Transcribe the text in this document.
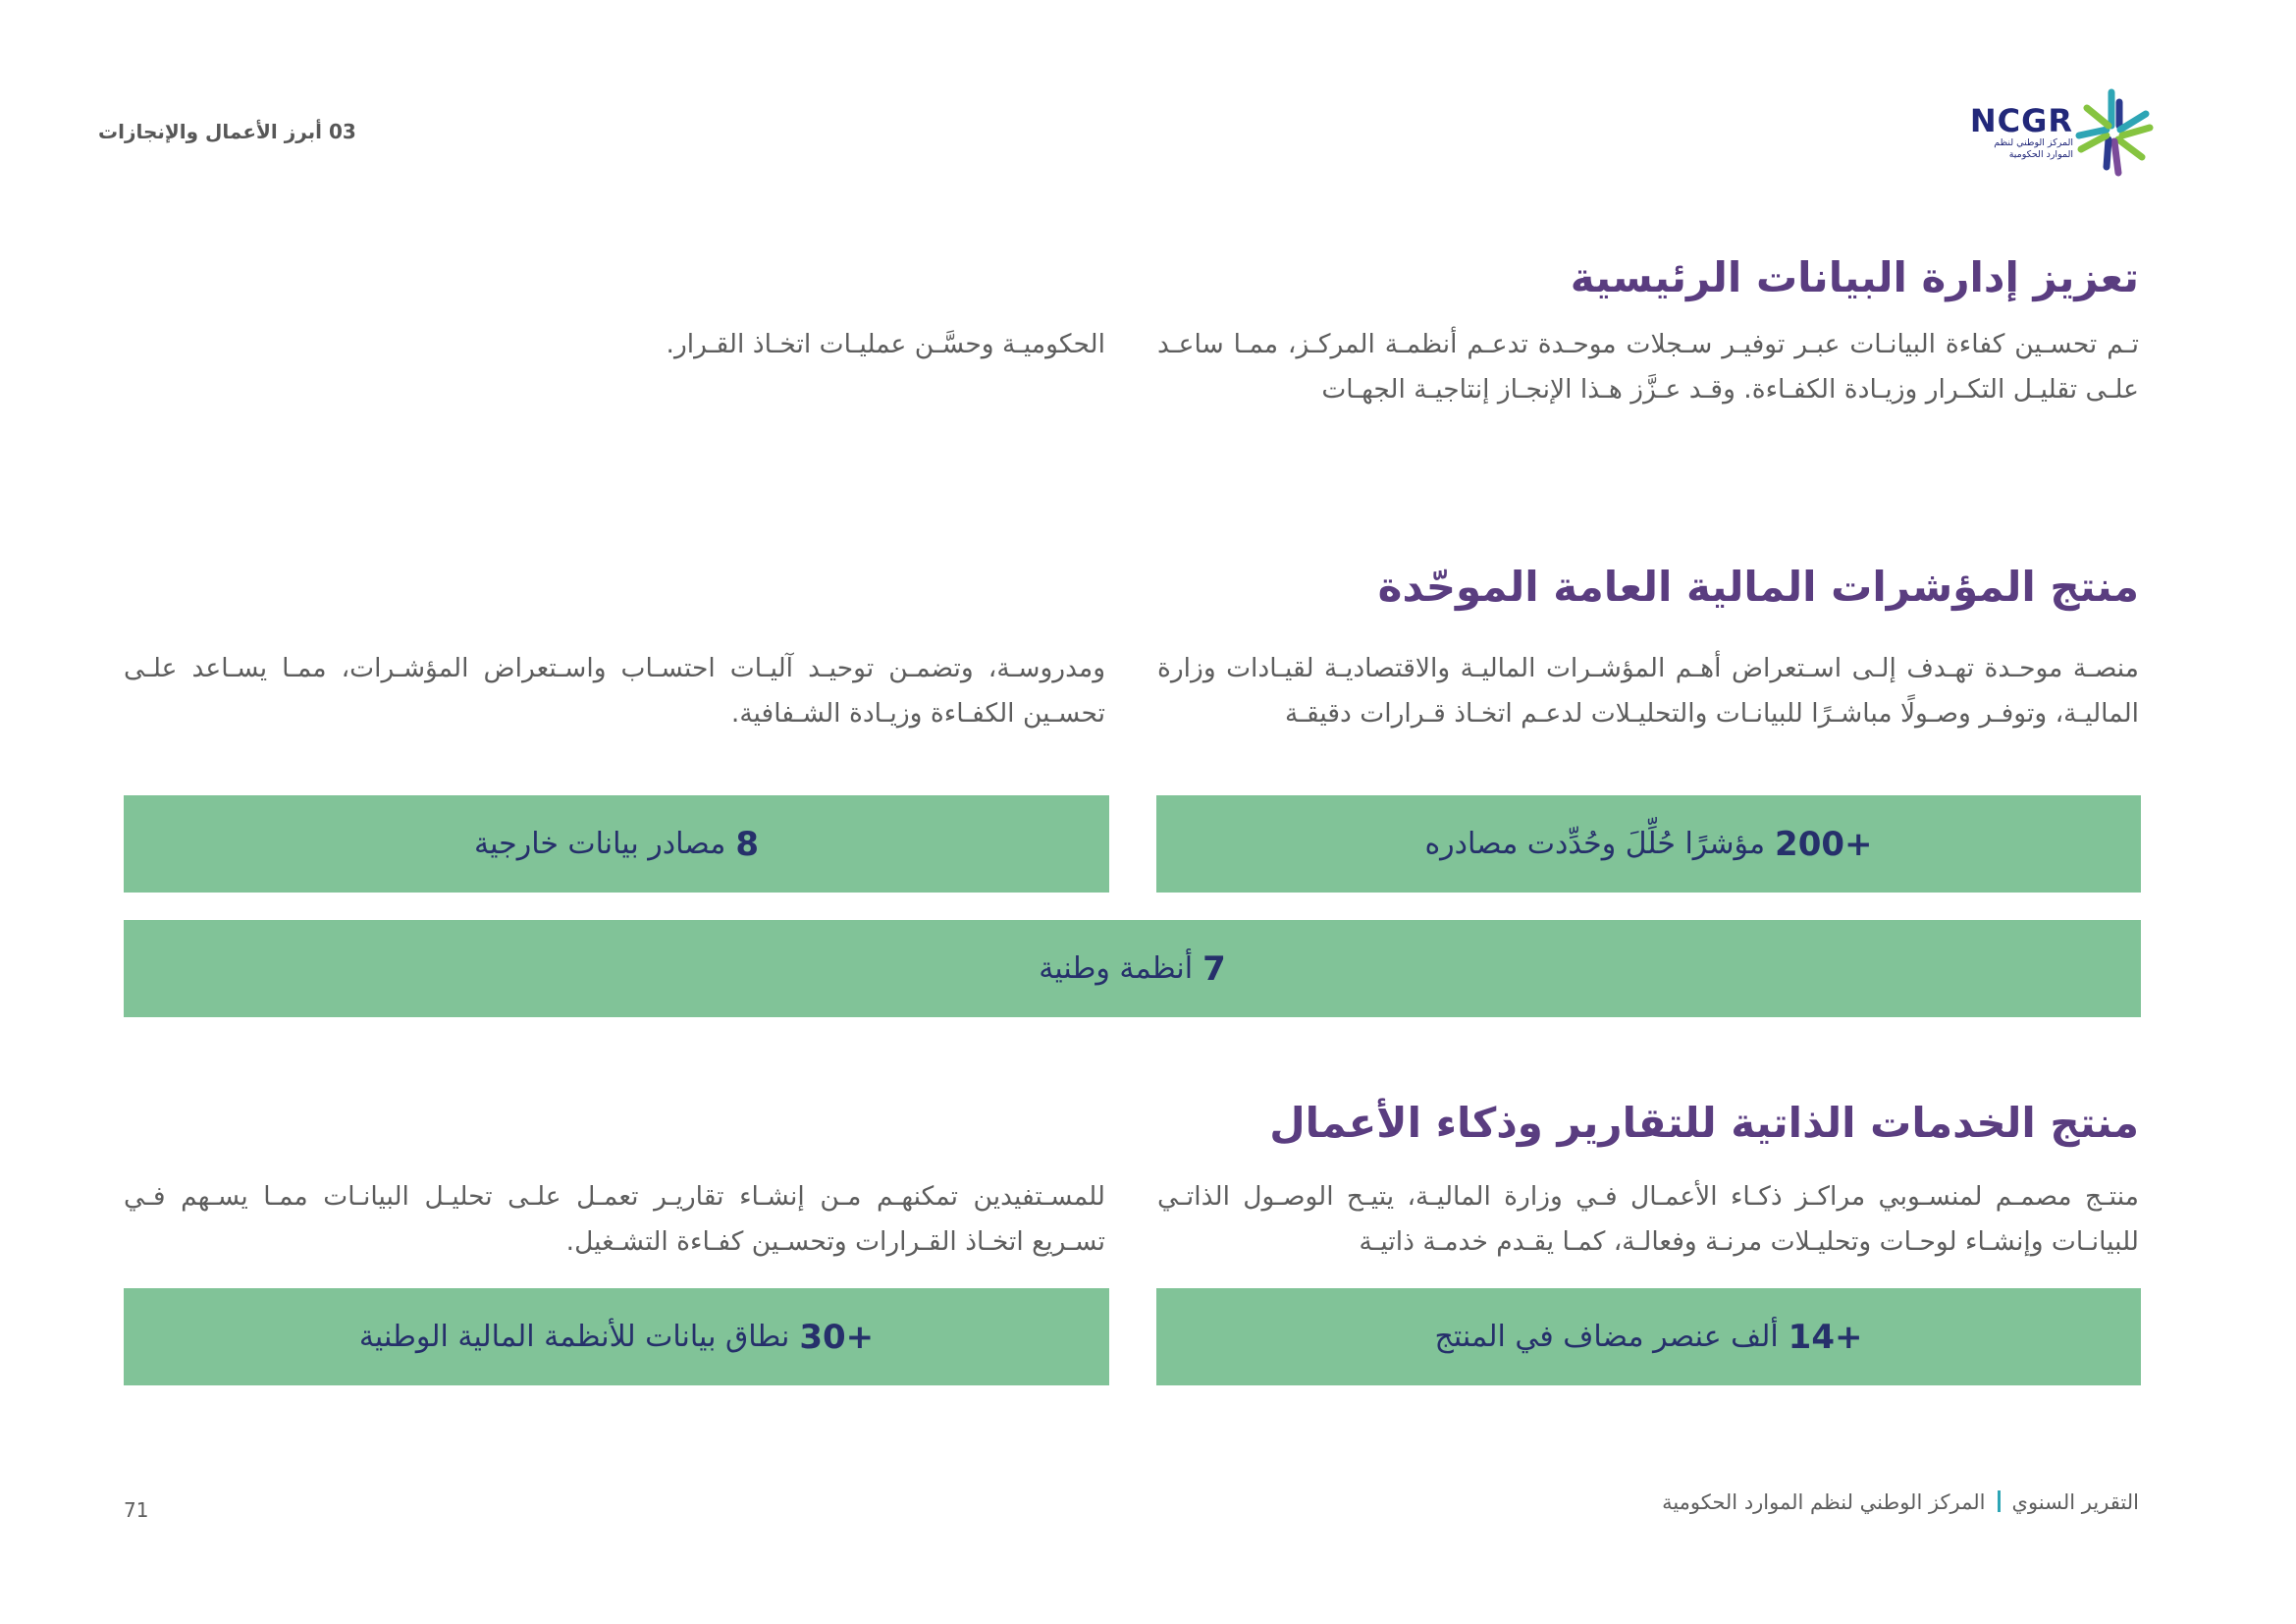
03 أبرز الأعمال والإنجازات	NCGR
المركز الوطني لنظم
الموارد الحكومية
تعزيز إدارة البيانات الرئيسية

تـم تحسـين كفاءة البيانـات عبـر توفيـر سـجلات موحـدة تدعـم أنظمـة المركـز، ممـا ساعـد علـى تقليـل التكـرار وزيـادة الكفـاءة. وقـد عـزَّز هـذا الإنجـاز إنتاجيـة الجهـات

الحكوميـة وحسَّـن عمليـات اتخـاذ القـرار.

منتج المؤشرات المالية العامة الموحّدة

منصـة موحـدة تهـدف إلـى اسـتعراض أهـم المؤشـرات الماليـة والاقتصاديـة لقيـادات وزارة الماليـة، وتوفـر وصـولًا مباشـرًا للبيانـات والتحليـلات لدعـم اتخـاذ قـرارات دقيقـة

ومدروسـة، وتضمـن توحيـد آليـات احتسـاب واسـتعراض المؤشـرات، ممـا يسـاعد علـى تحسـين الكفـاءة وزيـادة الشـفافية.

+200
مؤشرًا حُلِّلَ وحُدِّدت مصادره
8
مصادر بيانات خارجية
7
أنظمة وطنية
منتج الخدمات الذاتية للتقارير وذكاء الأعمال

منتـج مصمـم لمنسـوبي مراكـز ذكـاء الأعمـال فـي وزارة الماليـة، يتيـح الوصـول الذاتـي للبيانـات وإنشـاء لوحـات وتحليـلات مرنـة وفعالـة، كمـا يقـدم خدمـة ذاتيـة

للمسـتفيدين تمكنهـم مـن إنشـاء تقاريـر تعمـل علـى تحليـل البيانـات ممـا يسـهم فـي تسـريع اتخـاذ القـرارات وتحسـين كفـاءة التشـغيل.

+14
ألف عنصر مضاف في المنتج
+30
نطاق بيانات للأنظمة المالية الوطنية
التقرير السنويالمركز الوطني لنظم الموارد الحكومية
71
